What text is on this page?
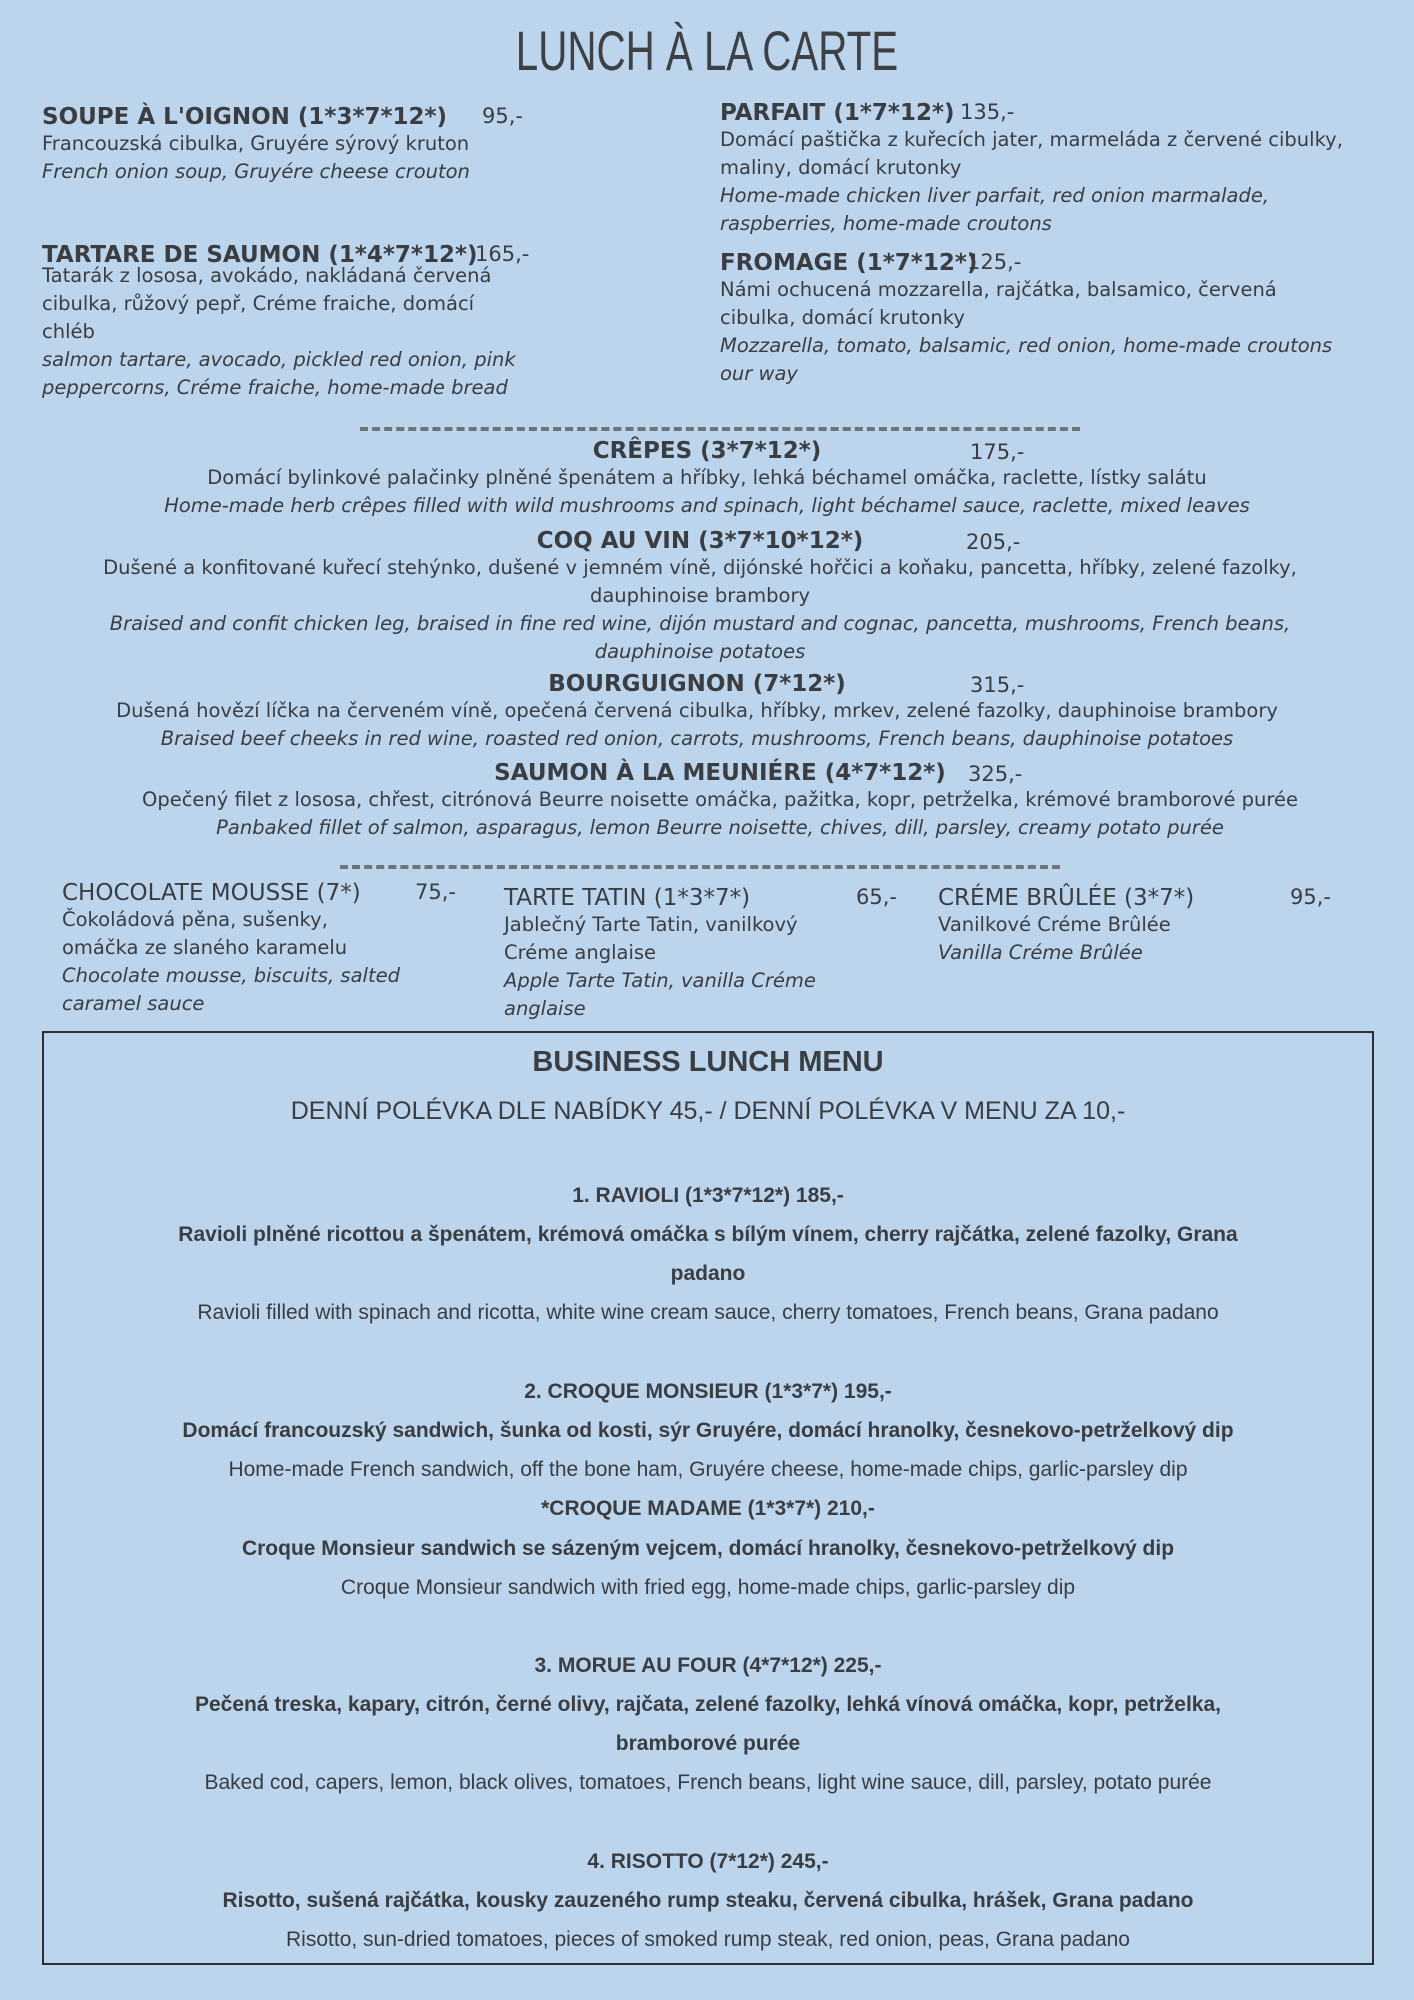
LUNCH À LA CARTE
SOUPE À L'OIGNON (1*3*7*12*) 95,-
Francouzská cibulka, Gruyére sýrový kruton
French onion soup, Gruyére cheese crouton
TARTARE DE SAUMON (1*4*7*12*)
165,-
Tatarák z lososa, avokádo, nakládaná červená cibulka, růžový pepř, Créme fraiche, domácí chléb
salmon tartare, avocado, pickled red onion, pink peppercorns, Créme fraiche, home-made bread
PARFAIT (1*7*12*) 135,-
Domácí paštička z kuřecích jater, marmeláda z červené cibulky, maliny, domácí krutonky
Home-made chicken liver parfait, red onion marmalade, raspberries, home-made croutons
FROMAGE (1*7*12*)
125,-
Námi ochucená mozzarella, rajčátka, balsamico, červená cibulka, domácí krutonky
Mozzarella, tomato, balsamic, red onion, home-made croutons our way
CRÊPES (3*7*12*)	175,-
Domácí bylinkové palačinky plněné špenátem a hříbky, lehká béchamel omáčka, raclette, lístky salátu
Home-made herb crêpes filled with wild mushrooms and spinach, light béchamel sauce, raclette, mixed leaves
COQ AU VIN (3*7*10*12*)	205,-
Dušené a konfitované kuřecí stehýnko, dušené v jemném víně, dijónské hořčici a koňaku, pancetta, hříbky, zelené fazolky, dauphinoise brambory
Braised and confit chicken leg, braised in fine red wine, dijón mustard and cognac, pancetta, mushrooms, French beans, dauphinoise potatoes
BOURGUIGNON (7*12*)	315,-
Dušená hovězí líčka na červeném víně, opečená červená cibulka, hříbky, mrkev, zelené fazolky, dauphinoise brambory
Braised beef cheeks in red wine, roasted red onion, carrots, mushrooms, French beans, dauphinoise potatoes
SAUMON À LA MEUNIÉRE (4*7*12*) 325,-
Opečený filet z lososa, chřest, citrónová Beurre noisette omáčka, pažitka, kopr, petrželka, krémové bramborové purée
Panbaked fillet of salmon, asparagus, lemon Beurre noisette, chives, dill, parsley, creamy potato purée
CHOCOLATE MOUSSE (7*)	75,-
Čokoládová pěna, sušenky, omáčka ze slaného karamelu
Chocolate mousse, biscuits, salted caramel sauce
TARTE TATIN (1*3*7*)	65,-
Jablečný Tarte Tatin, vanilkový Créme anglaise
Apple Tarte Tatin, vanilla Créme anglaise
CRÉME BRÛLÉE (3*7*)	95,-
Vanilkové Créme Brûlée
Vanilla Créme Brûlée
BUSINESS LUNCH MENU
DENNÍ POLÉVKA DLE NABÍDKY 45,- / DENNÍ POLÉVKA V MENU ZA 10,-
1. RAVIOLI (1*3*7*12*) 185,-
Ravioli plněné ricottou a špenátem, krémová omáčka s bílým vínem, cherry rajčátka, zelené fazolky, Grana
padano
Ravioli filled with spinach and ricotta, white wine cream sauce, cherry tomatoes, French beans, Grana padano
2. CROQUE MONSIEUR (1*3*7*) 195,-
Domácí francouzský sandwich, šunka od kosti, sýr Gruyére, domácí hranolky, česnekovo-petrželkový dip
Home-made French sandwich, off the bone ham, Gruyére cheese, home-made chips, garlic-parsley dip
*CROQUE MADAME (1*3*7*) 210,-
Croque Monsieur sandwich se sázeným vejcem, domácí hranolky, česnekovo-petrželkový dip
Croque Monsieur sandwich with fried egg, home-made chips, garlic-parsley dip
3. MORUE AU FOUR (4*7*12*) 225,-
Pečená treska, kapary, citrón, černé olivy, rajčata, zelené fazolky, lehká vínová omáčka, kopr, petrželka,
bramborové purée
Baked cod, capers, lemon, black olives, tomatoes, French beans, light wine sauce, dill, parsley, potato purée
4. RISOTTO (7*12*) 245,-
Risotto, sušená rajčátka, kousky zauzeného rump steaku, červená cibulka, hrášek, Grana padano
Risotto, sun-dried tomatoes, pieces of smoked rump steak, red onion, peas, Grana padano
